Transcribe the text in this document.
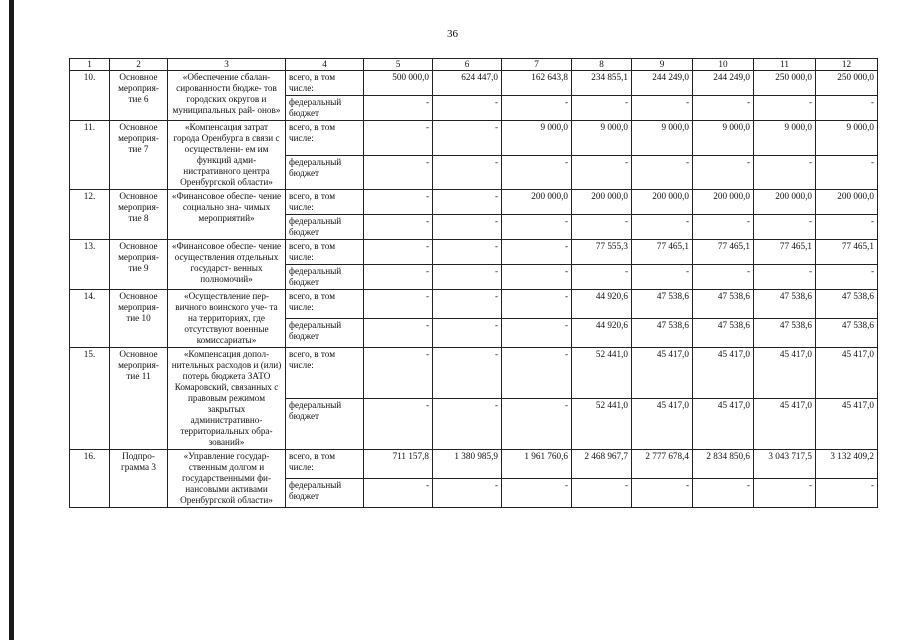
36
1	2	3	4	5	6	7	8	9	10	11	12
10.	Основное мероприя- тие 6	«Обеспечение сбалан- сированности бюдже- тов городских округов и муниципальных рай- онов»	всего, в том числе:	500 000,0	624 447,0	162 643,8	234 855,1	244 249,0	244 249,0	250 000,0	250 000,0
			федеральный бюджет	-	-	-	-	-	-	-	-
11.	Основное мероприя- тие 7	«Компенсация затрат города Оренбурга в связи с осуществлени- ем им функций адми- нистративного центра Оренбургской области»	всего, в том числе:	-	-	9 000,0	9 000,0	9 000,0	9 000,0	9 000,0	9 000,0
			федеральный бюджет	-	-	-	-	-	-	-	-
12.	Основное мероприя- тие 8	«Финансовое обеспе- чение социально зна- чимых мероприятий»	всего, в том числе:	-	-	200 000,0	200 000,0	200 000,0	200 000,0	200 000,0	200 000,0
			федеральный бюджет	-	-	-	-	-	-	-	-
13.	Основное мероприя- тие 9	«Финансовое обеспе- чение осуществления отдельных государст- венных полномочий»	всего, в том числе:	-	-	-	77 555,3	77 465,1	77 465,1	77 465,1	77 465,1
			федеральный бюджет	-	-	-	-	-	-	-	-
14.	Основное мероприя- тие 10	«Осуществление пер- вичного воинского уче- та на территориях, где отсутствуют военные комиссариаты»	всего, в том числе:	-	-	-	44 920,6	47 538,6	47 538,6	47 538,6	47 538,6
			федеральный бюджет	-	-	-	44 920,6	47 538,6	47 538,6	47 538,6	47 538,6
15.	Основное мероприя- тие 11	«Компенсация допол- нительных расходов и (или) потерь бюджета ЗАТО Комаровский, связанных с правовым режимом закрытых административно- территориальных обра- зований»	всего, в том числе:	-	-	-	52 441,0	45 417,0	45 417,0	45 417,0	45 417,0
			федеральный бюджет	-	-	-	52 441,0	45 417,0	45 417,0	45 417,0	45 417,0
16.	Подпро- грамма 3	«Управление государ- ственным долгом и государственными фи- нансовыми активами Оренбургской области»	всего, в том числе:	711 157,8	1 380 985,9	1 961 760,6	2 468 967,7	2 777 678,4	2 834 850,6	3 043 717,5	3 132 409,2
			федеральный бюджет	-	-	-	-	-	-	-	-
